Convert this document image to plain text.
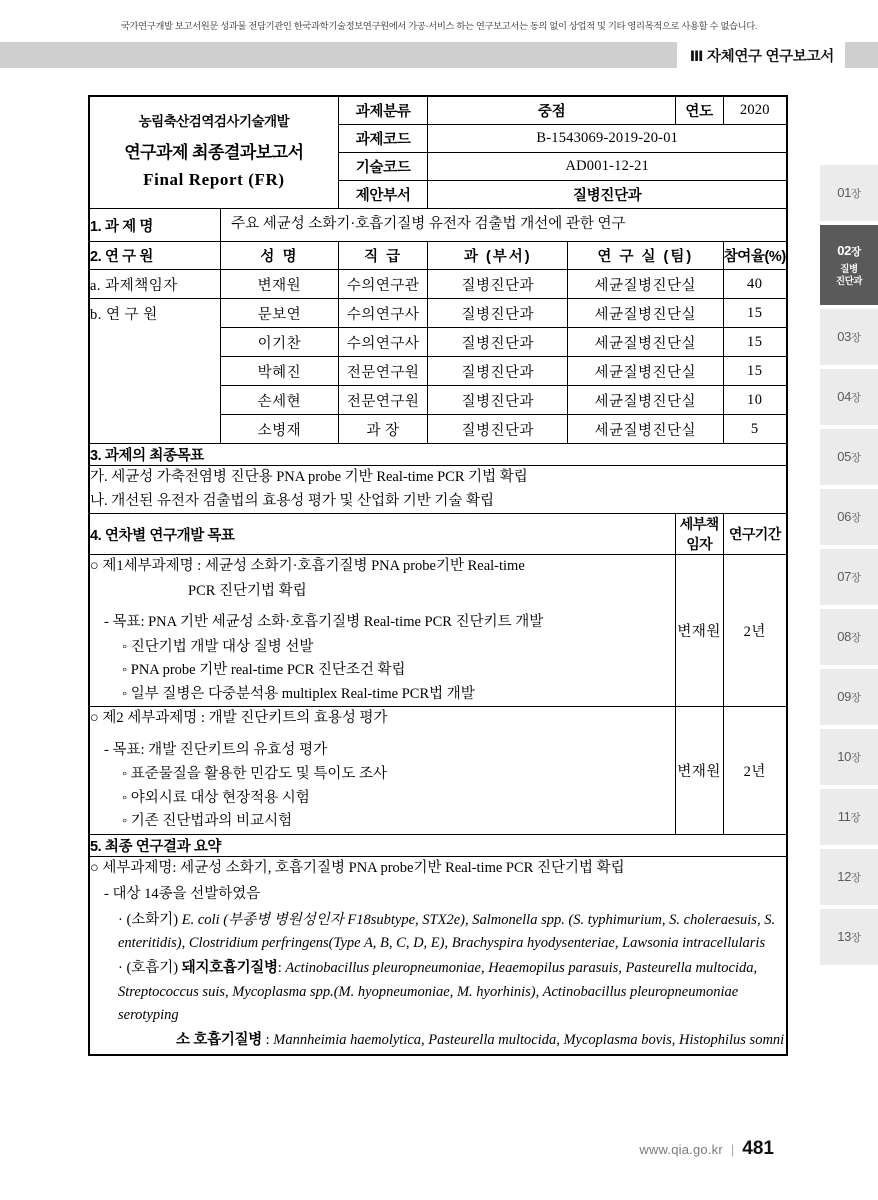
국가연구개발 보고서원문 성과물 전담기관인 한국과학기술정보연구원에서 가공·서비스 하는 연구보고서는 동의 없이 상업적 및 기타 영리목적으로 사용할 수 없습니다.
Ⅲ 자체연구 연구보고서
01장
02장
질병
진단과
03장
04장
05장
06장
07장
08장
09장
10장
11장
12장
13장
농림축산검역검사기술개발
연구과제 최종결과보고서
Final Report (FR)		과제분류	중점		연도	2020
		과제코드	B-1543069-2019-20-01			
		기술코드	AD001-12-21			
		제안부서	질병진단과			
1. 과 제 명	주요 세균성 소화기·호흡기질병 유전자 검출법 개선에 관한 연구					
2. 연 구 원	성 명	직 급	과 (부서)	연 구 실 (팀)		참여율(%)
a. 과제책임자	변재원	수의연구관	질병진단과	세균질병진단실		40
b. 연 구 원	문보연	수의연구사	질병진단과	세균질병진단실		15
	이기찬	수의연구사	질병진단과	세균질병진단실		15
	박혜진	전문연구원	질병진단과	세균질병진단실		15
	손세현	전문연구원	질병진단과	세균질병진단실		10
	소병재	과 장	질병진단과	세균질병진단실		5
3. 과제의 최종목표						

가. 세균성 가축전염병 진단용 PNA probe 기반 Real-time PCR 기법 확립
나. 개선된 유전자 검출법의 효용성 평가 및 산업화 기반 기술 확립						

4. 연차별 연구개발 목표					세부책임자	연구기간

○ 제1세부과제명 : 세균성 소화기·호흡기질병 PNA probe기반 Real-time
PCR 진단기법 확립
- 목표: PNA 기반 세균성 소화·호흡기질병 Real-time PCR 진단키트 개발
◦ 진단기법 개발 대상 질병 선발
◦ PNA probe 기반 real-time PCR 진단조건 확립
◦ 일부 질병은 다중분석용 multiplex Real-time PCR법 개발
	변재원	2년

○ 제2 세부과제명 : 개발 진단키트의 효용성 평가
- 목표: 개발 진단키트의 유효성 평가
◦ 표준물질을 활용한 민감도 및 특이도 조사
◦ 야외시료 대상 현장적용 시험
◦ 기존 진단법과의 비교시험					변재원	2년
5. 최종 연구결과 요약						

○ 세부과제명: 세균성 소화기, 호흡기질병 PNA probe기반 Real-time PCR 진단기법 확립
- 대상 14종을 선발하였음
· (소화기) E. coli (부종병 병원성인자 F18subtype, STX2e), Salmonella spp. (S. typhimurium, S. choleraesuis, S. enteritidis), Clostridium perfringens(Type A, B, C, D, E), Brachyspira hyodysenteriae, Lawsonia intracellularis
· (호흡기) 돼지호흡기질병: Actinobacillus pleuropneumoniae, Heaemopilus parasuis, Pasteurella multocida, Streptococcus suis, Mycoplasma spp.(M. hyopneumoniae, M. hyorhinis), Actinobacillus pleuropneumoniae serotyping
소 호흡기질병 : Mannheimia haemolytica, Pasteurella multocida, Mycoplasma bovis, Histophilus somni						
www.qia.go.kr | 481
